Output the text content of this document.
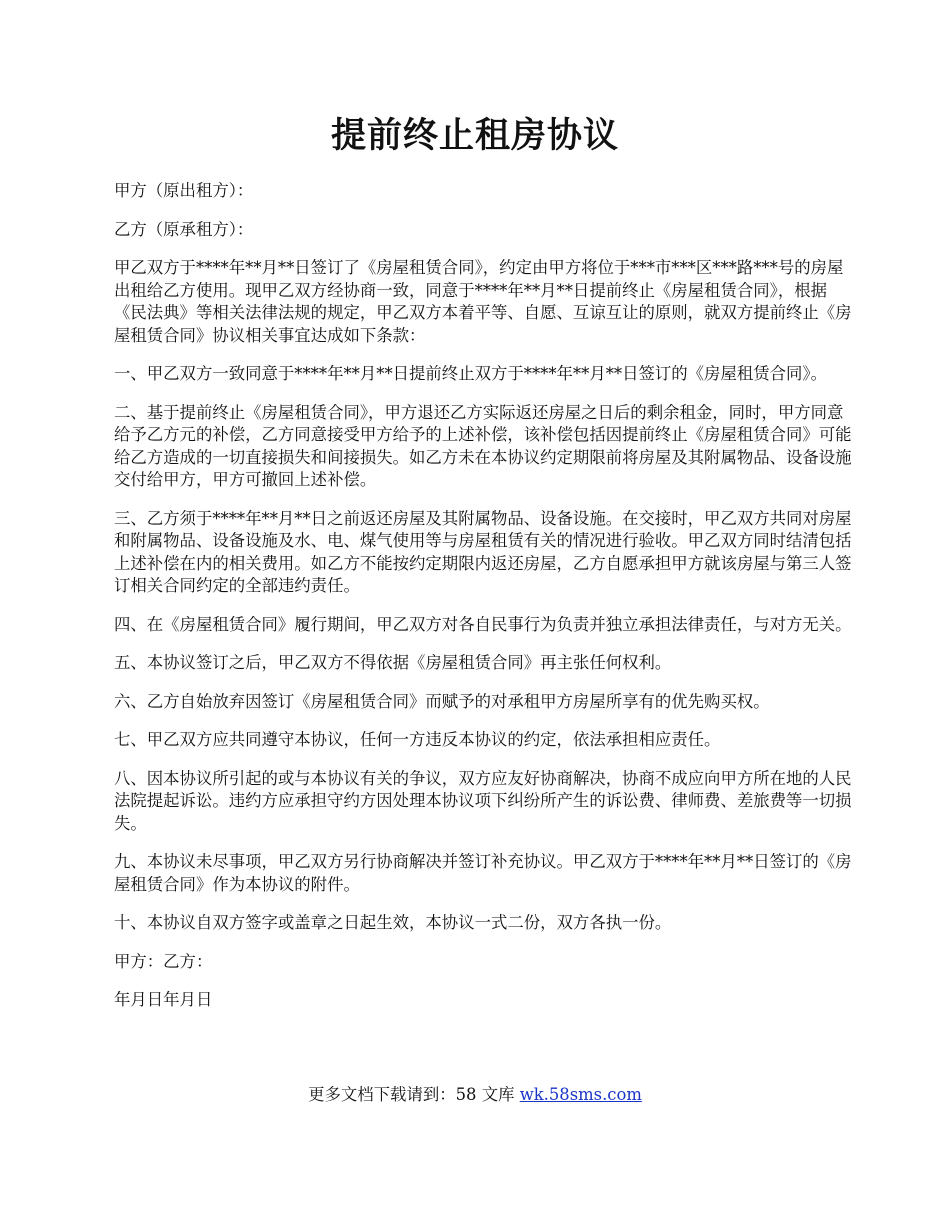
提前终止租房协议

甲方（原出租方）：

乙方（原承租方）：

甲乙双方于****年**月**日签订了《房屋租赁合同》，约定由甲方将位于***市***区***路***号的房屋出租给乙方使用。现甲乙双方经协商一致，同意于****年**月**日提前终止《房屋租赁合同》，根据《民法典》等相关法律法规的规定，甲乙双方本着平等、自愿、互谅互让的原则，就双方提前终止《房屋租赁合同》协议相关事宜达成如下条款：

一、甲乙双方一致同意于****年**月**日提前终止双方于****年**月**日签订的《房屋租赁合同》。

二、基于提前终止《房屋租赁合同》，甲方退还乙方实际返还房屋之日后的剩余租金，同时，甲方同意给予乙方元的补偿，乙方同意接受甲方给予的上述补偿，该补偿包括因提前终止《房屋租赁合同》可能给乙方造成的一切直接损失和间接损失。如乙方未在本协议约定期限前将房屋及其附属物品、设备设施交付给甲方，甲方可撤回上述补偿。

三、乙方须于****年**月**日之前返还房屋及其附属物品、设备设施。在交接时，甲乙双方共同对房屋和附属物品、设备设施及水、电、煤气使用等与房屋租赁有关的情况进行验收。甲乙双方同时结清包括上述补偿在内的相关费用。如乙方不能按约定期限内返还房屋，乙方自愿承担甲方就该房屋与第三人签订相关合同约定的全部违约责任。

四、在《房屋租赁合同》履行期间，甲乙双方对各自民事行为负责并独立承担法律责任，与对方无关。

五、本协议签订之后，甲乙双方不得依据《房屋租赁合同》再主张任何权利。

六、乙方自始放弃因签订《房屋租赁合同》而赋予的对承租甲方房屋所享有的优先购买权。

七、甲乙双方应共同遵守本协议，任何一方违反本协议的约定，依法承担相应责任。

八、因本协议所引起的或与本协议有关的争议，双方应友好协商解决，协商不成应向甲方所在地的人民法院提起诉讼。违约方应承担守约方因处理本协议项下纠纷所产生的诉讼费、律师费、差旅费等一切损失。

九、本协议未尽事项，甲乙双方另行协商解决并签订补充协议。甲乙双方于****年**月**日签订的《房屋租赁合同》作为本协议的附件。

十、本协议自双方签字或盖章之日起生效，本协议一式二份，双方各执一份。

甲方：乙方：

年月日年月日

更多文档下载请到：58 文库 wk.58sms.com
